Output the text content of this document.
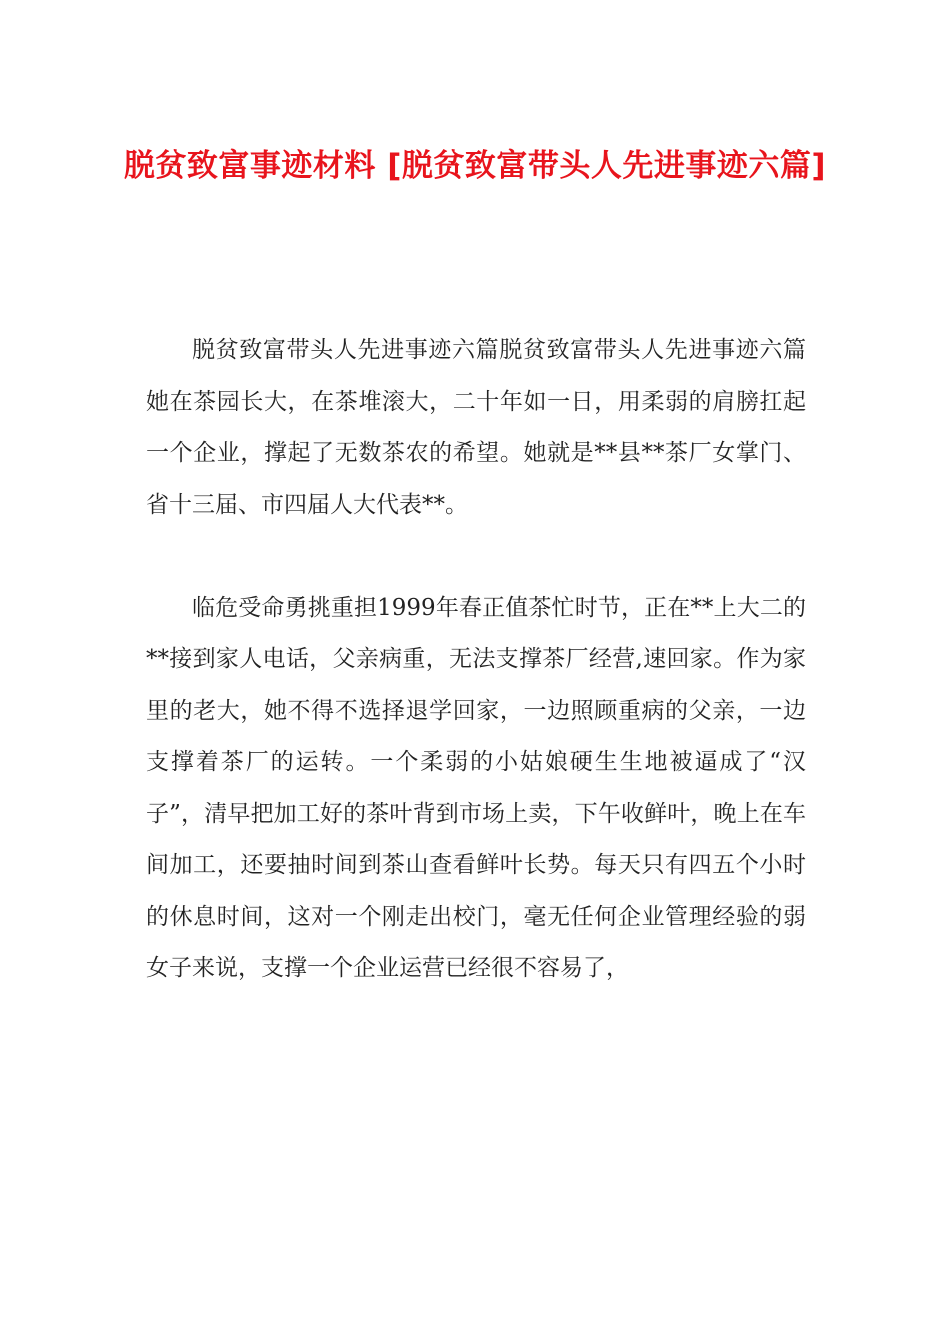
脱贫致富事迹材料 [脱贫致富带头人先进事迹六篇]

脱贫致富带头人先进事迹六篇脱贫致富带头人先进事迹六篇她在茶园长大，在茶堆滚大，二十年如一日，用柔弱的肩膀扛起一个企业，撑起了无数茶农的希望。她就是**县**茶厂女掌门、省十三届、市四届人大代表**。

临危受命勇挑重担1999年春正值茶忙时节，正在**上大二的**接到家人电话，父亲病重，无法支撑茶厂经营,速回家。作为家里的老大，她不得不选择退学回家，一边照顾重病的父亲，一边支撑着茶厂的运转。一个柔弱的小姑娘硬生生地被逼成了“汉子”，清早把加工好的茶叶背到市场上卖，下午收鲜叶，晚上在车间加工，还要抽时间到茶山查看鲜叶长势。每天只有四五个小时的休息时间，这对一个刚走出校门，毫无任何企业管理经验的弱女子来说，支撑一个企业运营已经很不容易了，
